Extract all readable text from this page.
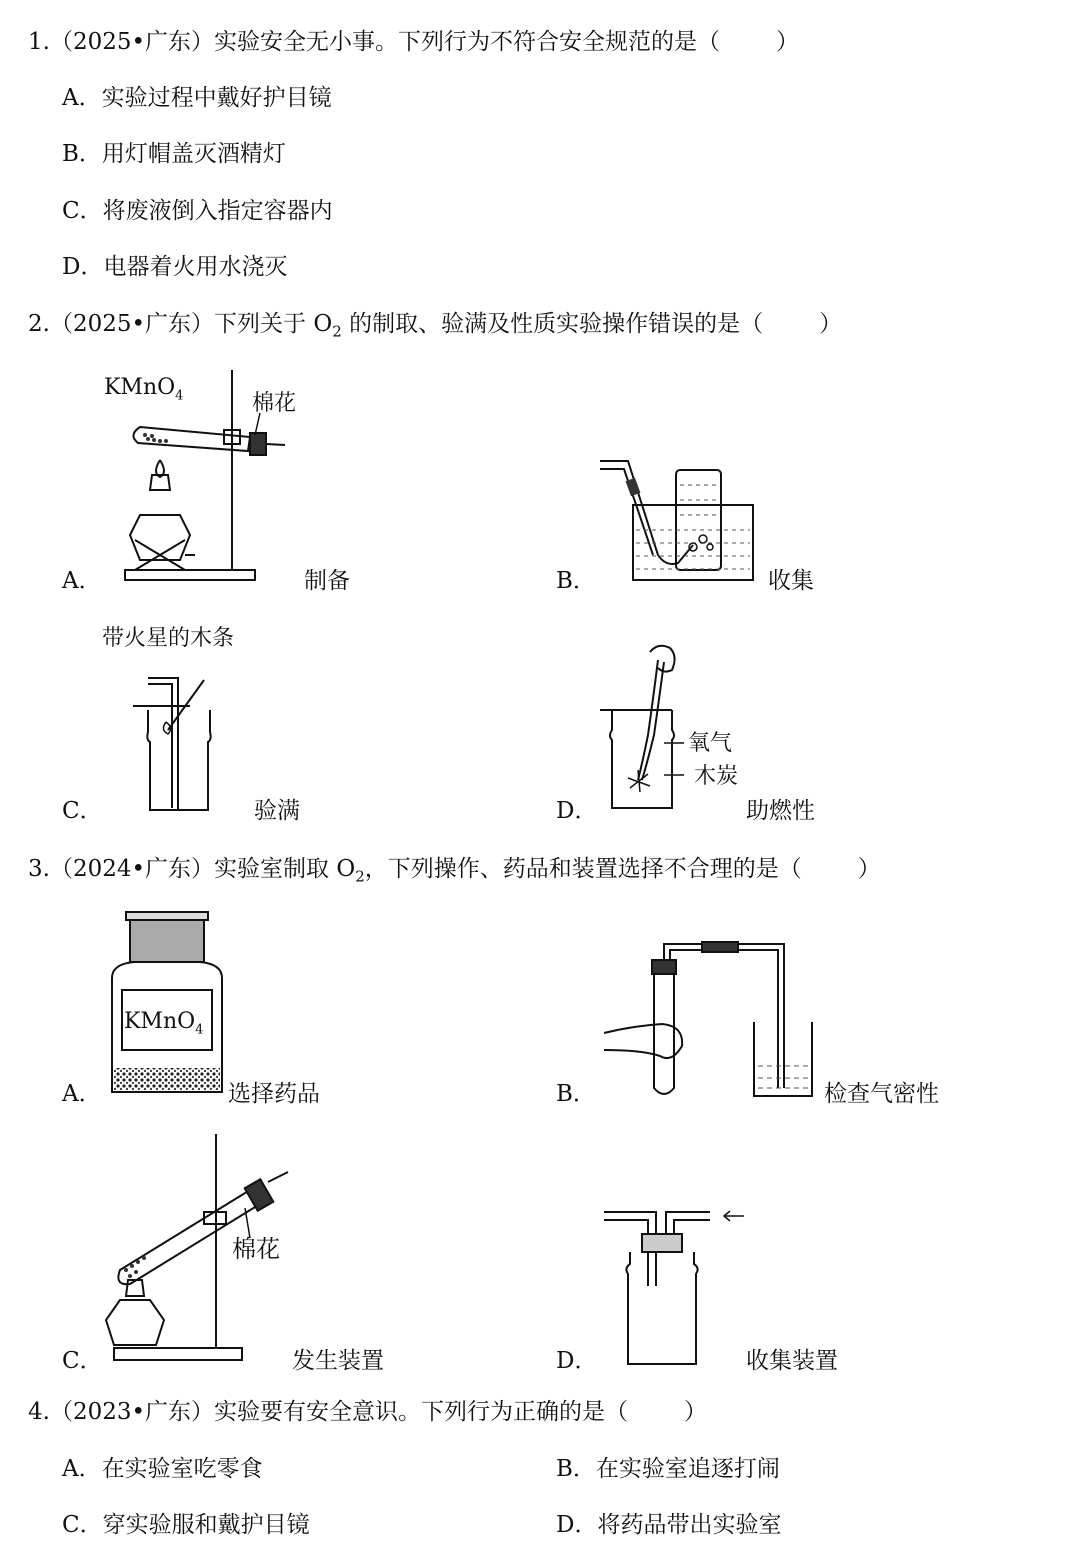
1.（2025•广东）实验安全无小事。下列行为不符合安全规范的是（ ）
A．实验过程中戴好护目镜
B．用灯帽盖灭酒精灯
C．将废液倒入指定容器内
D．电器着火用水浇灭
2.（2025•广东）下列关于 $O_2$ 的制取、验满及性质实验操作错误的是（ ）
KMnO$_4$	棉花
A．	制备	B．	收集
带火星的木条
C．	验满
氧气
木炭
D．	助燃性
3.（2024•广东）实验室制取 $O_2$，下列操作、药品和装置选择不合理的是（ ）
KMnO$_4$
A．	选择药品	B．	检查气密性
棉花
C．	发生装置	D．	收集装置
4.（2023•广东）实验要有安全意识。下列行为正确的是（ ）
A．在实验室吃零食	B．在实验室追逐打闹
C．穿实验服和戴护目镜	D．将药品带出实验室
